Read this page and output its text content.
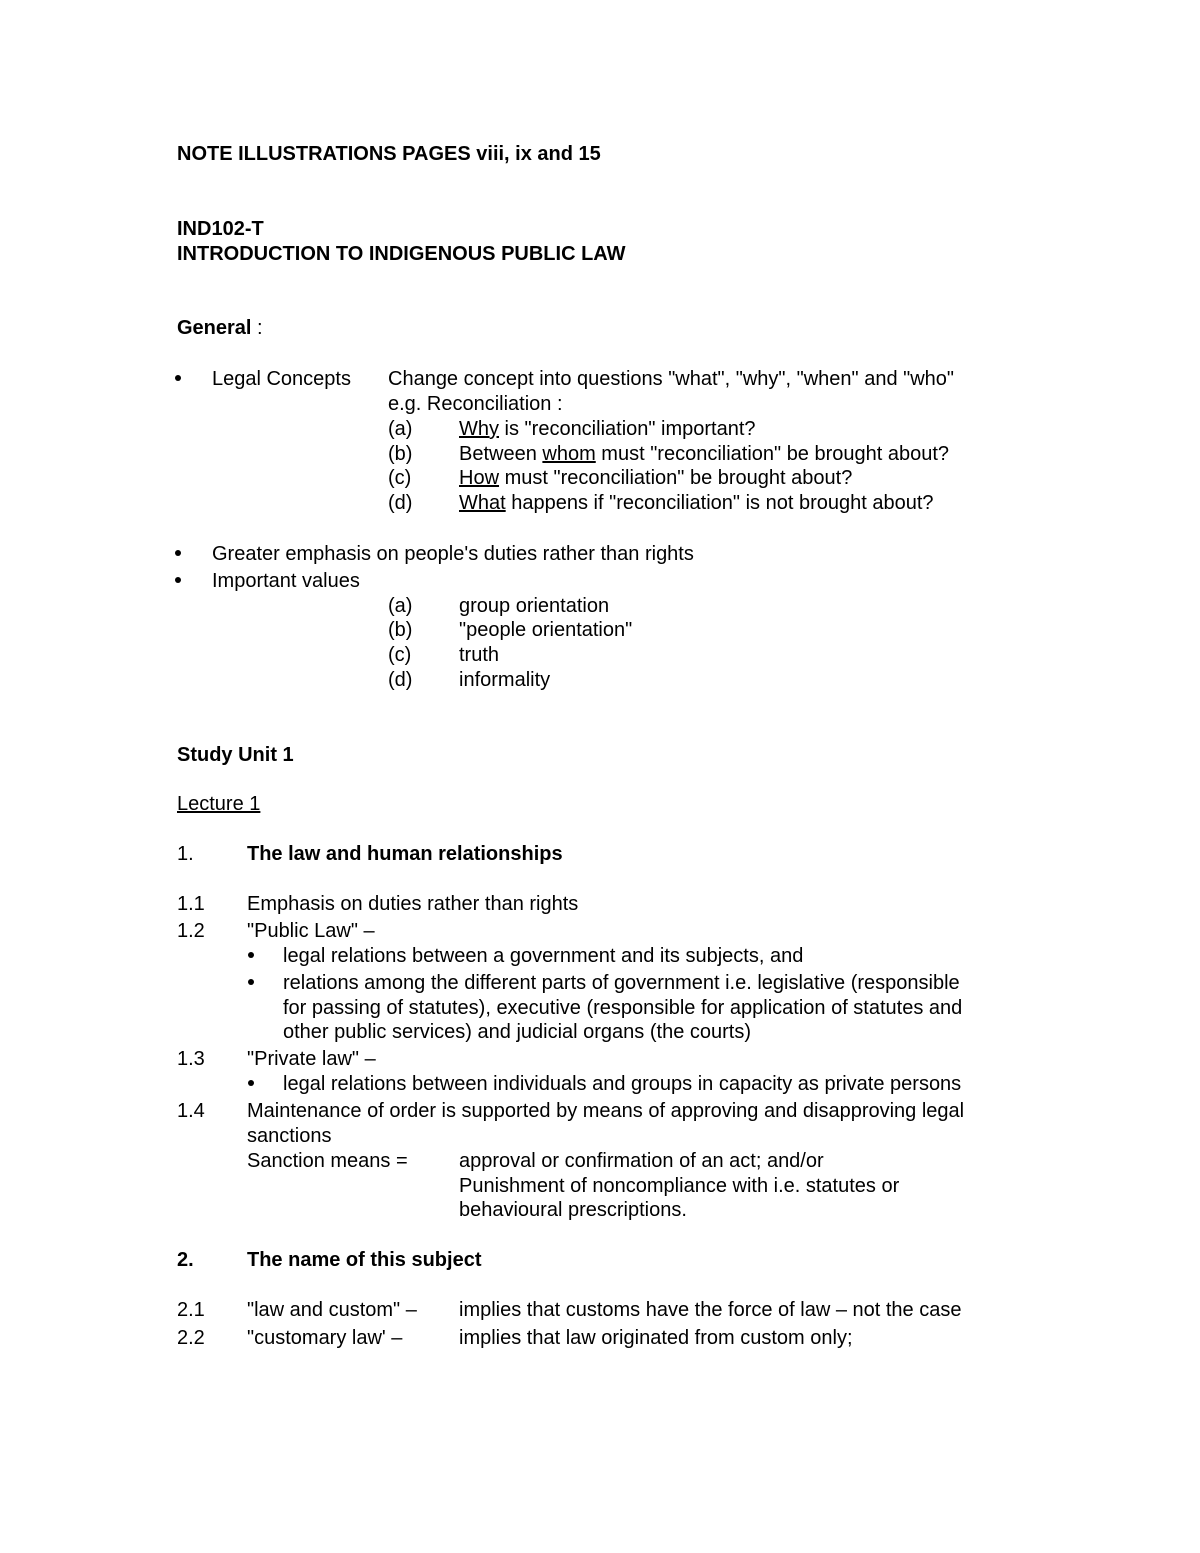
NOTE ILLUSTRATIONS PAGES viii, ix and 15
IND102-T
INTRODUCTION TO INDIGENOUS PUBLIC LAW
General :
Legal Concepts Change concept into questions "what", "why", "when" and "who"
e.g. Reconciliation :
(a) Why is "reconciliation" important?
(b) Between whom must "reconciliation" be brought about?
(c) How must "reconciliation" be brought about?
(d) What happens if "reconciliation" is not brought about?
Greater emphasis on people's duties rather than rights
Important values
(a) group orientation
(b) "people orientation"
(c) truth
(d) informality
Study Unit 1
Lecture 1
1.	The law and human relationships
1.1 Emphasis on duties rather than rights
1.2 "Public Law" –
legal relations between a government and its subjects, and
relations among the different parts of government i.e. legislative (responsible
for passing of statutes), executive (responsible for application of statutes and
other public services) and judicial organs (the courts)
1.3 "Private law" –
legal relations between individuals and groups in capacity as private persons
1.4 Maintenance of order is supported by means of approving and disapproving legal
sanctions
Sanction means =	approval or confirmation of an act; and/or
Punishment of noncompliance with i.e. statutes or
behavioural prescriptions.
2.	The name of this subject
2.1 "law and custom" – implies that customs have the force of law – not the case
2.2 "customary law' –	implies that law originated from custom only;
